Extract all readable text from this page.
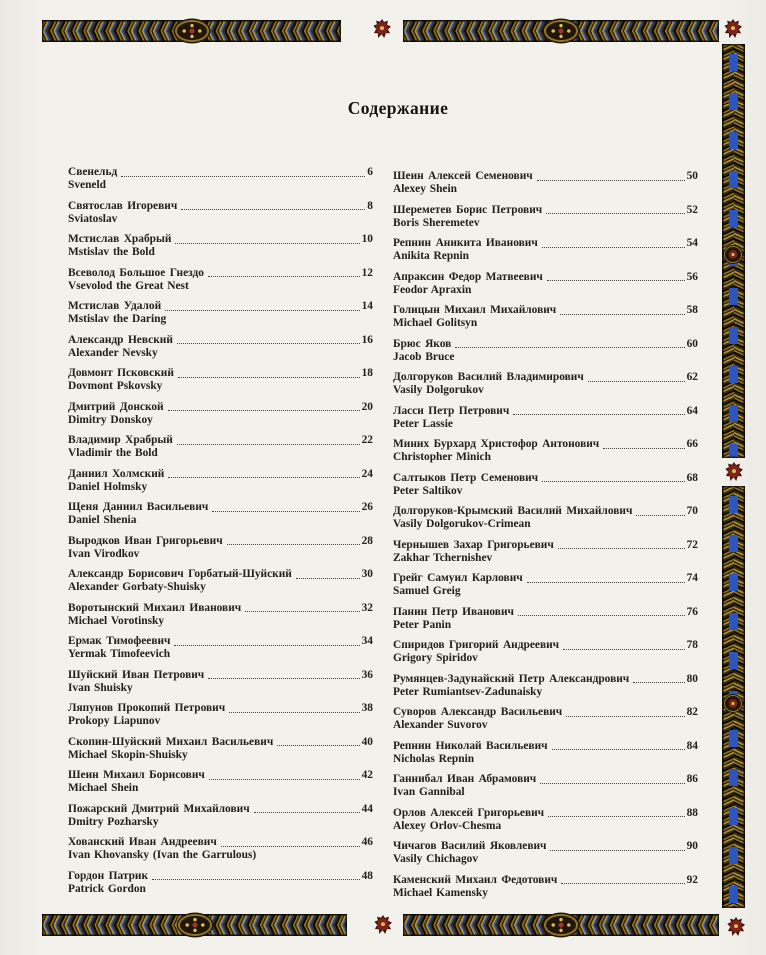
Содержание
Свенельд	6
Sveneld
Святослав Игоревич	8
Sviatoslav
Мстислав Храбрый	10
Mstislav the Bold
Всеволод Большое Гнездо	12
Vsevolod the Great Nest
Мстислав Удалой	14
Mstislav the Daring
Александр Невский	16
Alexander Nevsky
Довмонт Псковский	18
Dovmont Pskovsky
Дмитрий Донской	20
Dimitry Donskoy
Владимир Храбрый	22
Vladimir the Bold
Даниил Холмский	24
Daniel Holmsky
Щеня Даниил Васильевич	26
Daniel Shenia
Выродков Иван Григорьевич	28
Ivan Virodkov
Александр Борисович Горбатый-Шуйский	30
Alexander Gorbaty-Shuisky
Воротынский Михаил Иванович	32
Michael Vorotinsky
Ермак Тимофеевич	34
Yermak Timofeevich
Шуйский Иван Петрович	36
Ivan Shuisky
Ляпунов Прокопий Петрович	38
Prokopy Liapunov
Скопин-Шуйский Михаил Васильевич	40
Michael Skopin-Shuisky
Шеин Михаил Борисович	42
Michael Shein
Пожарский Дмитрий Михайлович	44
Dmitry Pozharsky
Хованский Иван Андреевич	46
Ivan Khovansky (Ivan the Garrulous)
Гордон Патрик	48
Patrick Gordon
Шеин Алексей Семенович	50
Alexey Shein
Шереметев Борис Петрович	52
Boris Sheremetev
Репнин Аникита Иванович	54
Anikita Repnin
Апраксин Федор Матвеевич	56
Feodor Apraxin
Голицын Михаил Михайлович	58
Michael Golitsyn
Брюс Яков	60
Jacob Bruce
Долгоруков Василий Владимирович	62
Vasily Dolgorukov
Ласси Петр Петрович	64
Peter Lassie
Миних Бурхард Христофор Антонович	66
Christopher Minich
Салтыков Петр Семенович	68
Peter Saltikov
Долгоруков-Крымский Василий Михайлович	70
Vasily Dolgorukov-Crimean
Чернышев Захар Григорьевич	72
Zakhar Tchernishev
Грейг Самуил Карлович	74
Samuel Greig
Панин Петр Иванович	76
Peter Panin
Спиридов Григорий Андреевич	78
Grigory Spiridov
Румянцев-Задунайский Петр Александрович	80
Peter Rumiantsev-Zadunaisky
Суворов Александр Васильевич	82
Alexander Suvorov
Репнин Николай Васильевич	84
Nicholas Repnin
Ганнибал Иван Абрамович	86
Ivan Gannibal
Орлов Алексей Григорьевич	88
Alexey Orlov-Chesma
Чичагов Василий Яковлевич	90
Vasily Chichagov
Каменский Михаил Федотович	92
Michael Kamensky
